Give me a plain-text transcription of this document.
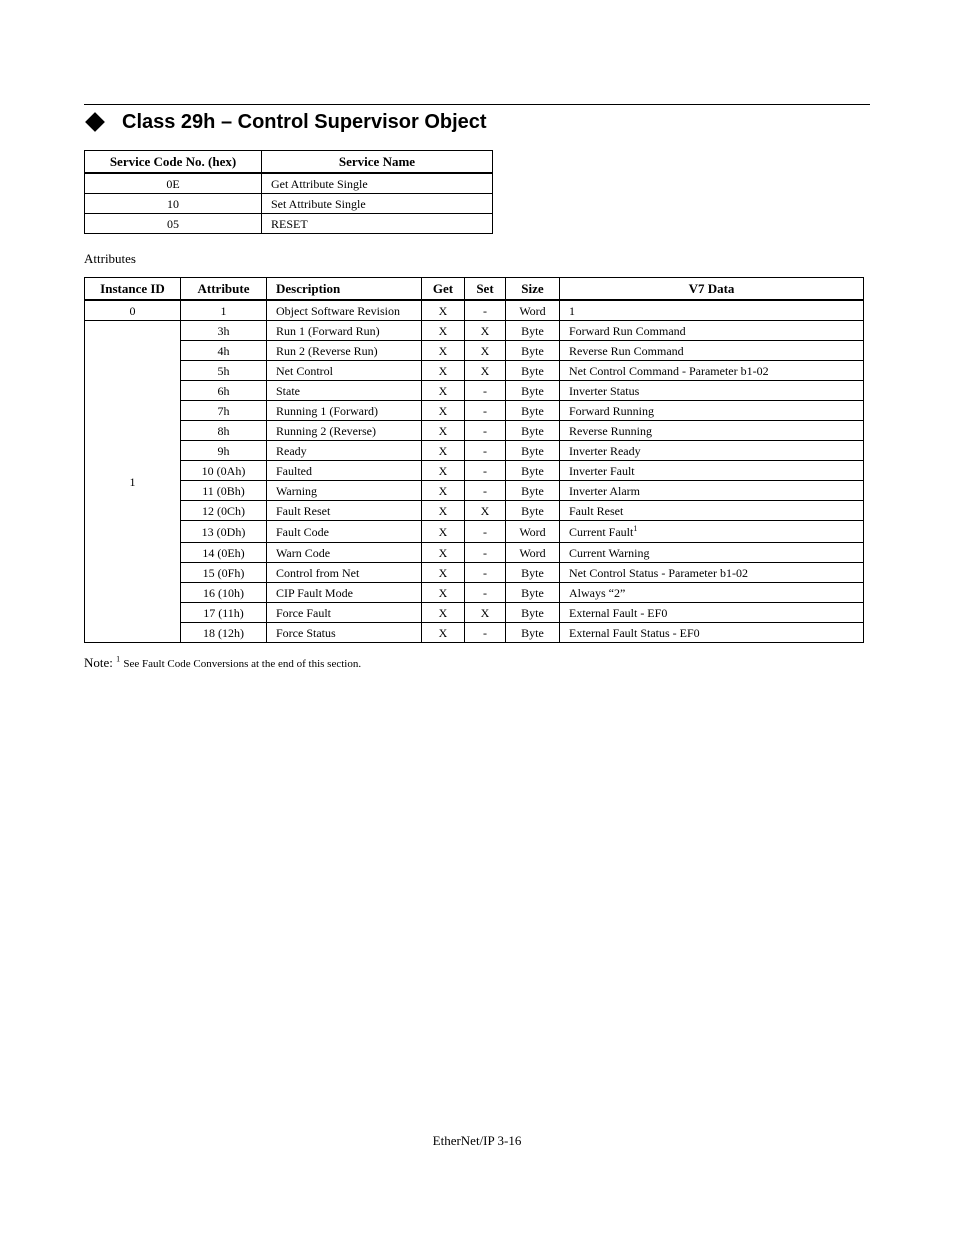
Class 29h – Control Supervisor Object
Service Code No. (hex)	Service Name
0E	Get Attribute Single
10	Set Attribute Single
05	RESET
Attributes
Instance ID	Attribute	Description	Get	Set	Size	V7 Data
0	1	Object Software Revision	X	-	Word	1
1	3h	Run 1 (Forward Run)	X	X	Byte	Forward Run Command
	4h	Run 2 (Reverse Run)	X	X	Byte	Reverse Run Command
	5h	Net Control	X	X	Byte	Net Control Command - Parameter b1-02
	6h	State	X	-	Byte	Inverter Status
	7h	Running 1 (Forward)	X	-	Byte	Forward Running
	8h	Running 2 (Reverse)	X	-	Byte	Reverse Running
	9h	Ready	X	-	Byte	Inverter Ready
	10 (0Ah)	Faulted	X	-	Byte	Inverter Fault
	11 (0Bh)	Warning	X	-	Byte	Inverter Alarm
	12 (0Ch)	Fault Reset	X	X	Byte	Fault Reset
	13 (0Dh)	Fault Code	X	-	Word	Current Fault$^1$
	14 (0Eh)	Warn Code	X	-	Word	Current Warning
	15 (0Fh)	Control from Net	X	-	Byte	Net Control Status - Parameter b1-02
	16 (10h)	CIP Fault Mode	X	-	Byte	Always “2”
	17 (11h)	Force Fault	X	X	Byte	External Fault - EF0
	18 (12h)	Force Status	X	-	Byte	External Fault Status - EF0
Note: $^1$ See Fault Code Conversions at the end of this section.
EtherNet/IP 3-16
